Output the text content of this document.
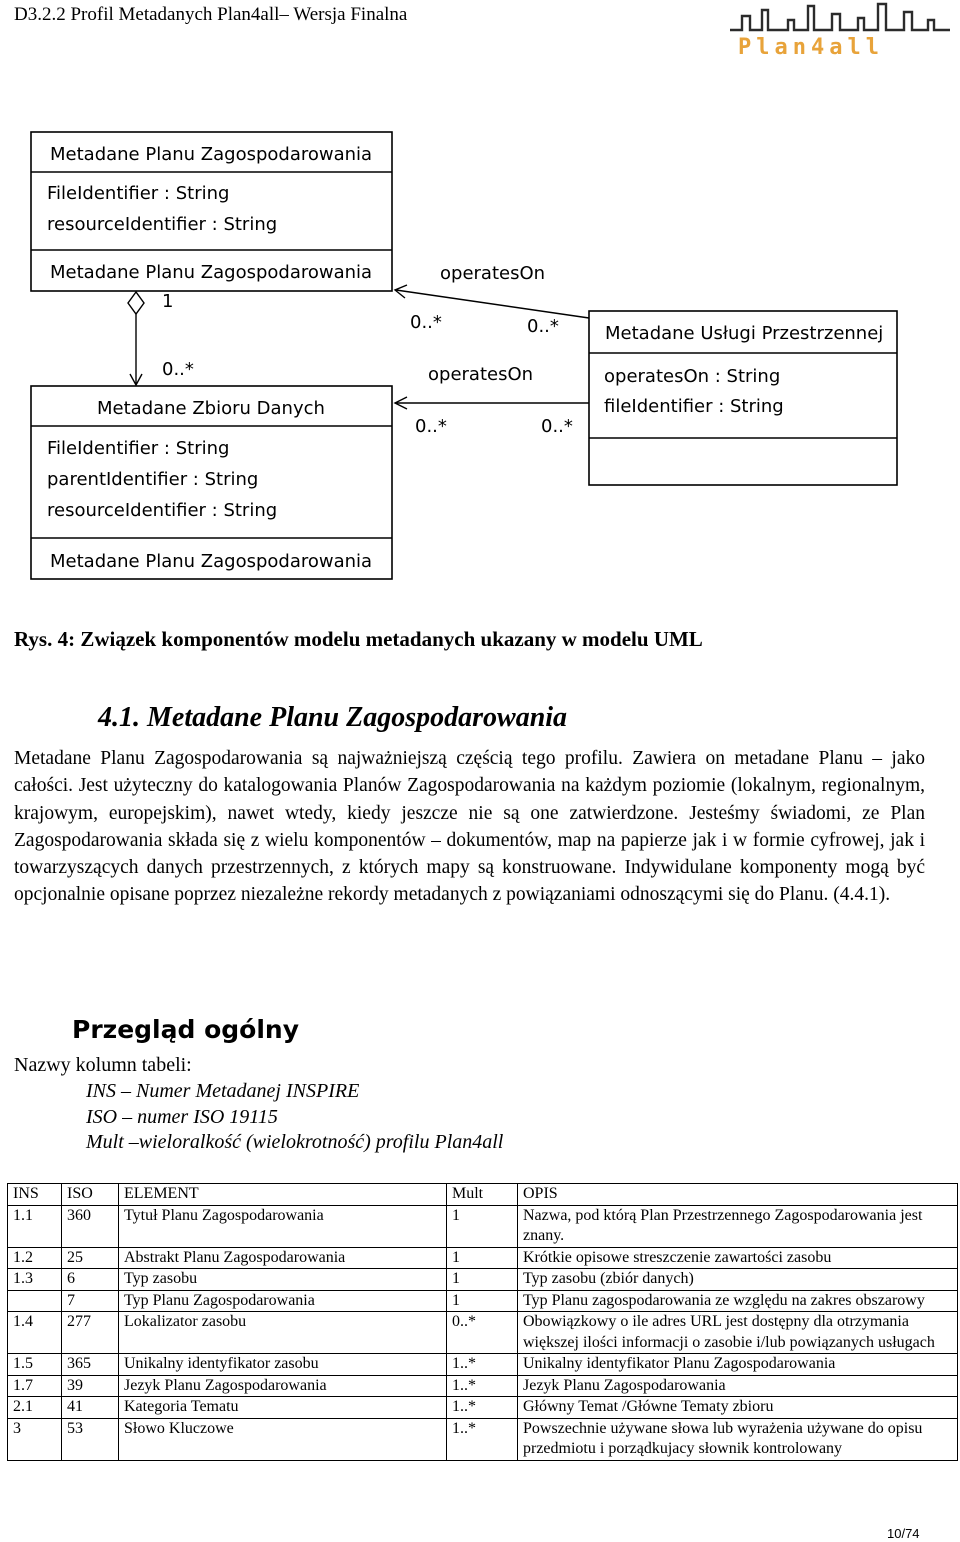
D3.2.2 Profil Metadanych Plan4all– Wersja Finalna
Plan4all
Metadane Planu Zagospodarowania
FileIdentifier : String
resourceIdentifier : String
Metadane Planu Zagospodarowania
Metadane Zbioru Danych
FileIdentifier : String
parentIdentifier : String
resourceIdentifier : String
Metadane Planu Zagospodarowania
Metadane Usługi Przestrzennej
operatesOn : String
fileIdentifier : String
1
0..*
operatesOn
0..*	0..*
operatesOn
0..*	0..*
Rys. 4: Związek komponentów modelu metadanych ukazany w modelu UML
4.1. Metadane Planu Zagospodarowania
Metadane Planu Zagospodarowania są najważniejszą częścią tego profilu. Zawiera on metadane Planu – jako całości. Jest użyteczny do katalogowania Planów Zagospodarowania na każdym poziomie (lokalnym, regionalnym, krajowym, europejskim), nawet wtedy, kiedy jeszcze nie są one zatwierdzone. Jesteśmy świadomi, ze Plan Zagospodarowania składa się z wielu komponentów – dokumentów, map na papierze jak i w formie cyfrowej, jak i towarzyszących danych przestrzennych, z których mapy są konstruowane. Indywidulane komponenty mogą być opcjonalnie opisane poprzez niezależne rekordy metadanych z powiązaniami odnoszącymi się do Planu. (4.4.1).
Przegląd ogólny
Nazwy kolumn tabeli:
INS – Numer Metadanej INSPIRE
ISO – numer ISO 19115
Mult –wieloralkość (wielokrotność) profilu Plan4all
INS	ISO	ELEMENT	Mult	OPIS
1.1	360	Tytuł Planu Zagospodarowania	1	Nazwa, pod którą Plan Przestrzennego Zagospodarowania jest znany.
1.2	25	Abstrakt Planu Zagospodarowania	1	Krótkie opisowe streszczenie zawartości zasobu
1.3	6	Typ zasobu	1	Typ zasobu (zbiór danych)
	7	Typ Planu Zagospodarowania	1	Typ Planu zagospodarowania ze względu na zakres obszarowy
1.4	277	Lokalizator zasobu	0..*	Obowiązkowy o ile adres URL jest dostępny dla otrzymania większej ilości informacji o zasobie i/lub powiązanych usługach
1.5	365	Unikalny identyfikator zasobu	1..*	Unikalny identyfikator Planu Zagospodarowania
1.7	39	Jezyk Planu Zagospodarowania	1..*	Jezyk Planu Zagospodarowania
2.1	41	Kategoria Tematu	1..*	Główny Temat /Główne Tematy zbioru
3	53	Słowo Kluczowe	1..*	Powszechnie używane słowa lub wyrażenia używane do opisu przedmiotu i porządkujacy słownik kontrolowany
10/74
